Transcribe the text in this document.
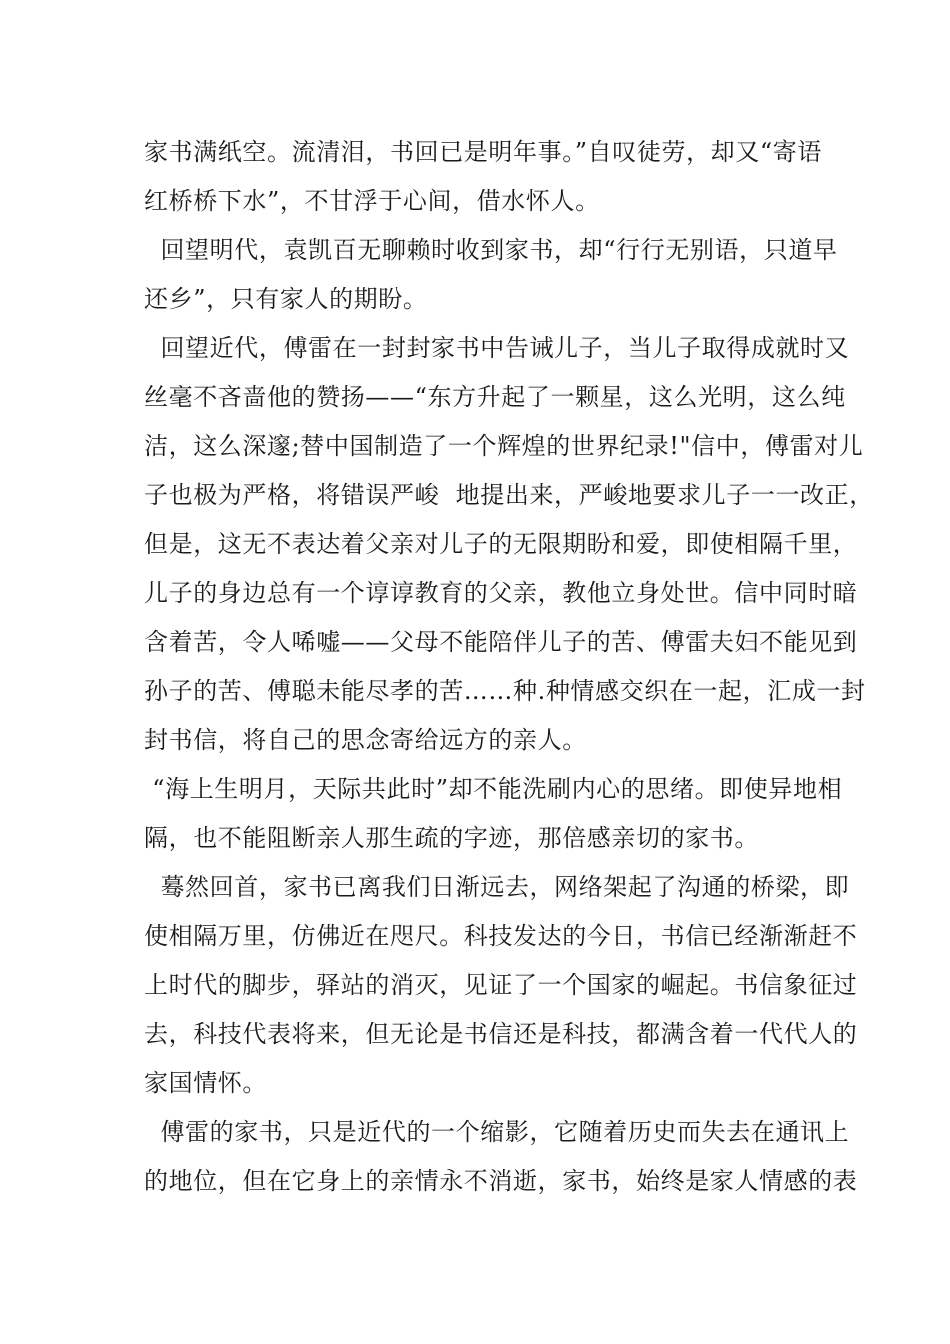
家书满纸空。流清泪，书回已是明年事。”自叹徒劳，却又“寄语
红桥桥下水”，不甘浮于心间，借水怀人。
回望明代，袁凯百无聊赖时收到家书，却“行行无别语，只道早
还乡”，只有家人的期盼。
回望近代，傅雷在一封封家书中告诫儿子，当儿子取得成就时又
丝毫不吝啬他的赞扬——“东方升起了一颗星，这么光明，这么纯
洁，这么深邃;替中国制造了一个辉煌的世界纪录!"信中，傅雷对儿
子也极为严格，将错误严峻  地提出来，严峻地要求儿子一一改正，
但是，这无不表达着父亲对儿子的无限期盼和爱，即使相隔千里，
儿子的身边总有一个谆谆教育的父亲，教他立身处世。信中同时暗
含着苦，令人唏嘘——父母不能陪伴儿子的苦、傅雷夫妇不能见到
孙子的苦、傅聪未能尽孝的苦……种.种情感交织在一起，汇成一封
封书信，将自己的思念寄给远方的亲人。
“海上生明月，天际共此时”却不能洗刷内心的思绪。即使异地相
隔，也不能阻断亲人那生疏的字迹，那倍感亲切的家书。
蓦然回首，家书已离我们日渐远去，网络架起了沟通的桥梁，即
使相隔万里，仿佛近在咫尺。科技发达的今日，书信已经渐渐赶不
上时代的脚步，驿站的消灭，见证了一个国家的崛起。书信象征过
去，科技代表将来，但无论是书信还是科技，都满含着一代代人的
家国情怀。
傅雷的家书，只是近代的一个缩影，它随着历史而失去在通讯上
的地位，但在它身上的亲情永不消逝，家书，始终是家人情感的表
